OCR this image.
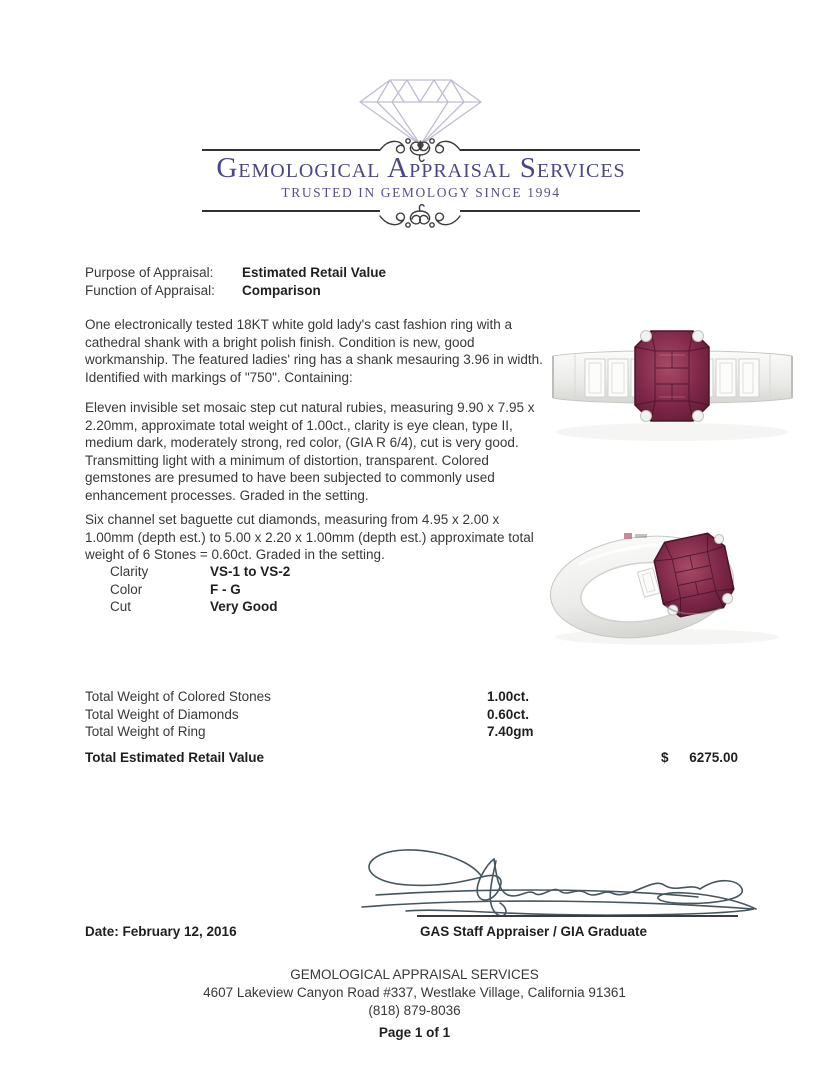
Gemological Appraisal Services
TRUSTED IN GEMOLOGY SINCE 1994
Purpose of Appraisal:	Estimated Retail Value
Function of Appraisal:	Comparison

One electronically tested 18KT white gold lady's cast fashion ring with a cathedral shank with a bright polish finish. Condition is new, good workmanship. The featured ladies' ring has a shank mesauring 3.96 in width. Identified with markings of "750". Containing:

Eleven invisible set mosaic step cut natural rubies, measuring 9.90 x 7.95 x 2.20mm, approximate total weight of 1.00ct., clarity is eye clean, type II, medium dark, moderately strong, red color, (GIA R 6/4), cut is very good. Transmitting light with a minimum of distortion, transparent. Colored gemstones are presumed to have been subjected to commonly used enhancement processes. Graded in the setting.

Six channel set baguette cut diamonds, measuring from 4.95 x 2.00 x 1.00mm (depth est.) to 5.00 x 2.20 x 1.00mm (depth est.) approximate total weight of 6 Stones = 0.60ct. Graded in the setting.

Clarity	VS-1 to VS-2
Color	F - G
Cut	Very Good
Total Weight of Colored Stones	1.00ct.
Total Weight of Diamonds	0.60ct.
Total Weight of Ring	7.40gm
Total Estimated Retail Value	$	6275.00
Date: February 12, 2016	GAS Staff Appraiser / GIA Graduate
GEMOLOGICAL APPRAISAL SERVICES
4607 Lakeview Canyon Road #337, Westlake Village, California 91361
(818) 879-8036
Page 1 of 1
